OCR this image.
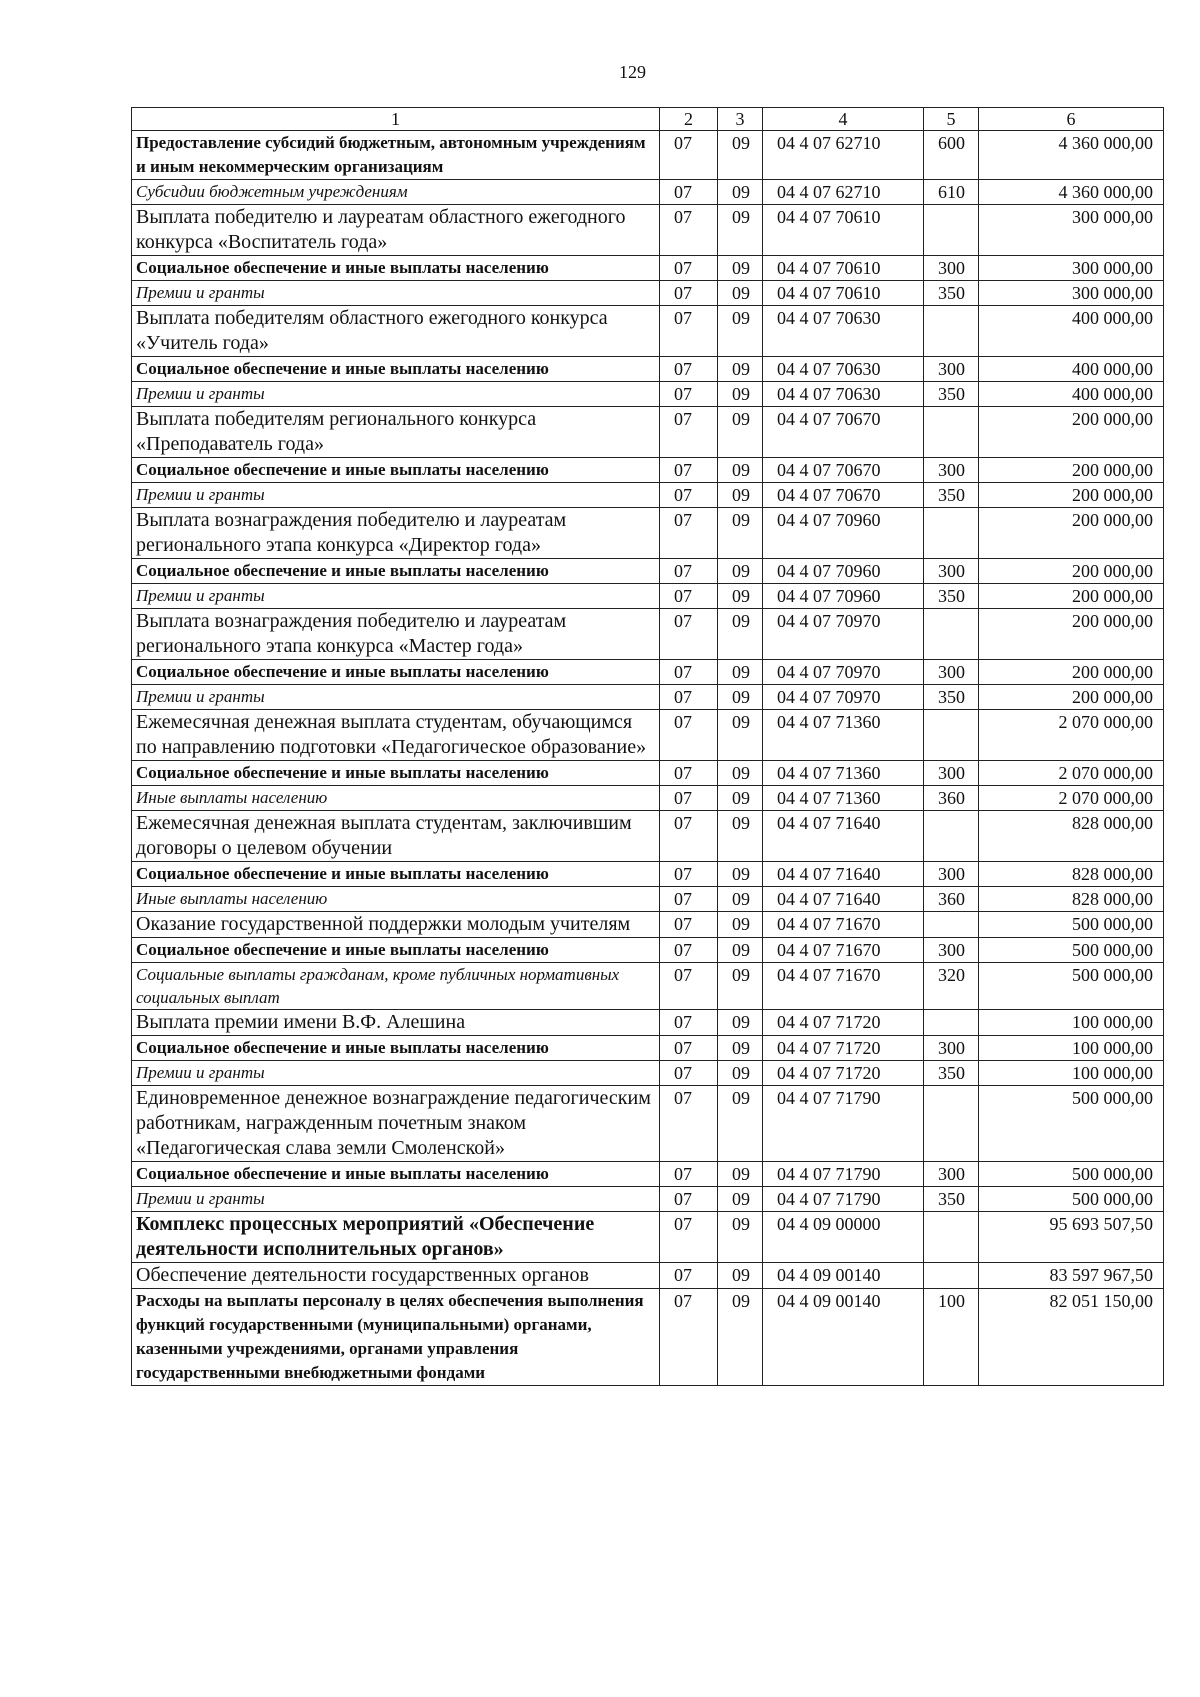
129
1	2	3	4	5	6
Предоставление субсидий бюджетным, автономным учреждениям и иным некоммерческим организациям	07	09	04 4 07 62710	600	4 360 000,00
Субсидии бюджетным учреждениям	07	09	04 4 07 62710	610	4 360 000,00
Выплата победителю и лауреатам областного ежегодного конкурса «Воспитатель года»	07	09	04 4 07 70610		300 000,00
Социальное обеспечение и иные выплаты населению	07	09	04 4 07 70610	300	300 000,00
Премии и гранты	07	09	04 4 07 70610	350	300 000,00
Выплата победителям областного ежегодного конкурса «Учитель года»	07	09	04 4 07 70630		400 000,00
Социальное обеспечение и иные выплаты населению	07	09	04 4 07 70630	300	400 000,00
Премии и гранты	07	09	04 4 07 70630	350	400 000,00
Выплата победителям регионального конкурса «Преподаватель года»	07	09	04 4 07 70670		200 000,00
Социальное обеспечение и иные выплаты населению	07	09	04 4 07 70670	300	200 000,00
Премии и гранты	07	09	04 4 07 70670	350	200 000,00
Выплата вознаграждения победителю и лауреатам регионального этапа конкурса «Директор года»	07	09	04 4 07 70960		200 000,00
Социальное обеспечение и иные выплаты населению	07	09	04 4 07 70960	300	200 000,00
Премии и гранты	07	09	04 4 07 70960	350	200 000,00
Выплата вознаграждения победителю и лауреатам регионального этапа конкурса «Мастер года»	07	09	04 4 07 70970		200 000,00
Социальное обеспечение и иные выплаты населению	07	09	04 4 07 70970	300	200 000,00
Премии и гранты	07	09	04 4 07 70970	350	200 000,00
Ежемесячная денежная выплата студентам, обучающимся по направлению подготовки «Педагогическое образование»	07	09	04 4 07 71360		2 070 000,00
Социальное обеспечение и иные выплаты населению	07	09	04 4 07 71360	300	2 070 000,00
Иные выплаты населению	07	09	04 4 07 71360	360	2 070 000,00
Ежемесячная денежная выплата студентам, заключившим договоры о целевом обучении	07	09	04 4 07 71640		828 000,00
Социальное обеспечение и иные выплаты населению	07	09	04 4 07 71640	300	828 000,00
Иные выплаты населению	07	09	04 4 07 71640	360	828 000,00
Оказание государственной поддержки молодым учителям	07	09	04 4 07 71670		500 000,00
Социальное обеспечение и иные выплаты населению	07	09	04 4 07 71670	300	500 000,00
Социальные выплаты гражданам, кроме публичных нормативных социальных выплат	07	09	04 4 07 71670	320	500 000,00
Выплата премии имени В.Ф. Алешина	07	09	04 4 07 71720		100 000,00
Социальное обеспечение и иные выплаты населению	07	09	04 4 07 71720	300	100 000,00
Премии и гранты	07	09	04 4 07 71720	350	100 000,00
Единовременное денежное вознаграждение педагогическим работникам, награжденным почетным знаком «Педагогическая слава земли Смоленской»	07	09	04 4 07 71790		500 000,00
Социальное обеспечение и иные выплаты населению	07	09	04 4 07 71790	300	500 000,00
Премии и гранты	07	09	04 4 07 71790	350	500 000,00
Комплекс процессных мероприятий «Обеспечение деятельности исполнительных органов»	07	09	04 4 09 00000		95 693 507,50
Обеспечение деятельности государственных органов	07	09	04 4 09 00140		83 597 967,50
Расходы на выплаты персоналу в целях обеспечения выполнения функций государственными (муниципальными) органами, казенными учреждениями, органами управления государственными внебюджетными фондами	07	09	04 4 09 00140	100	82 051 150,00
